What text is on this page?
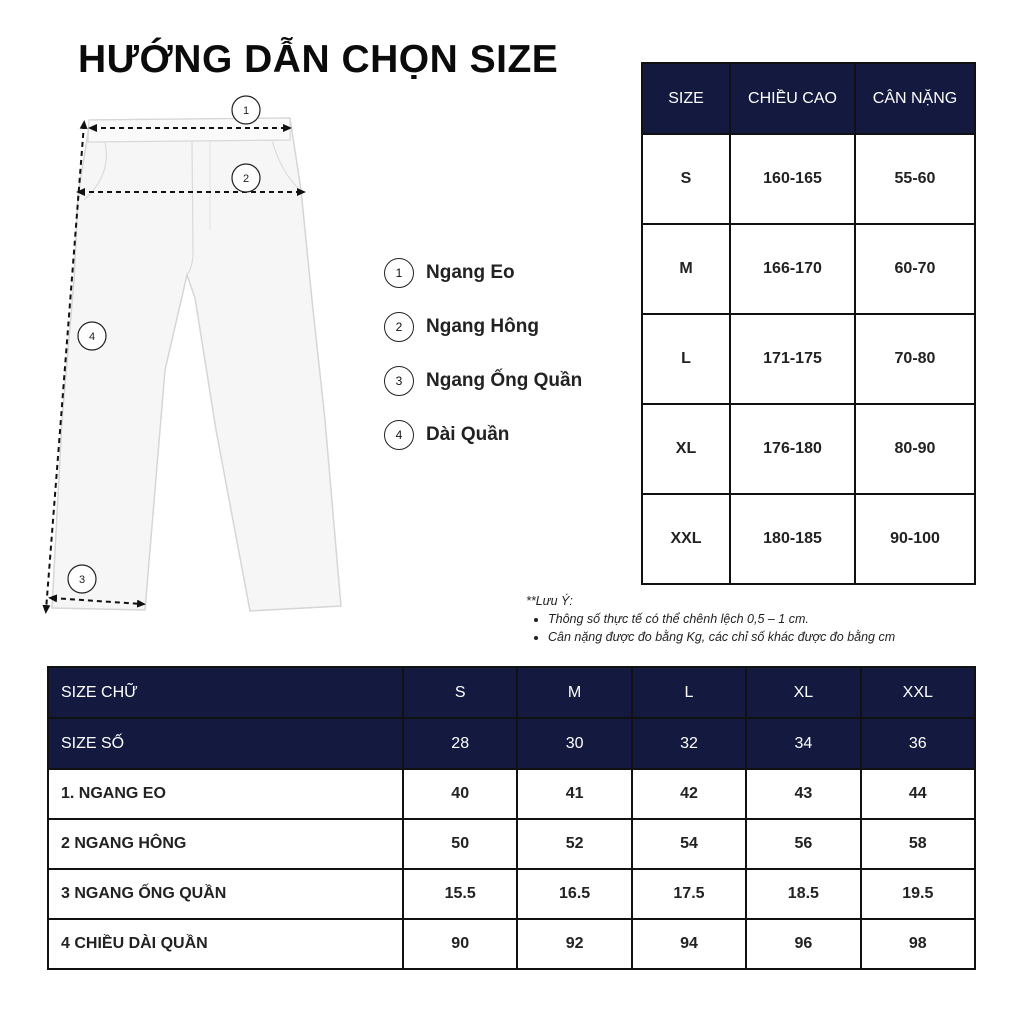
HƯỚNG DẪN CHỌN SIZE
1
2
3
4
1	Ngang Eo
2	Ngang Hông
3	Ngang Ống Quần
4	Dài Quần
SIZE	CHIỀU CAO	CÂN NẶNG
S	160-165	55-60
M	166-170	60-70
L	171-175	70-80
XL	176-180	80-90
XXL	180-185	90-100
**Lưu Ý:
• Thông số thực tế có thể chênh lệch 0,5 – 1 cm.
• Cân nặng được đo bằng Kg, các chỉ số khác được đo bằng cm
SIZE CHỮ	S	M	L	XL	XXL
SIZE SỐ	28	30	32	34	36
1. NGANG EO	40	41	42	43	44
2 NGANG HÔNG	50	52	54	56	58
3 NGANG ỐNG QUẦN	15.5	16.5	17.5	18.5	19.5
4 CHIỀU DÀI QUẦN	90	92	94	96	98
